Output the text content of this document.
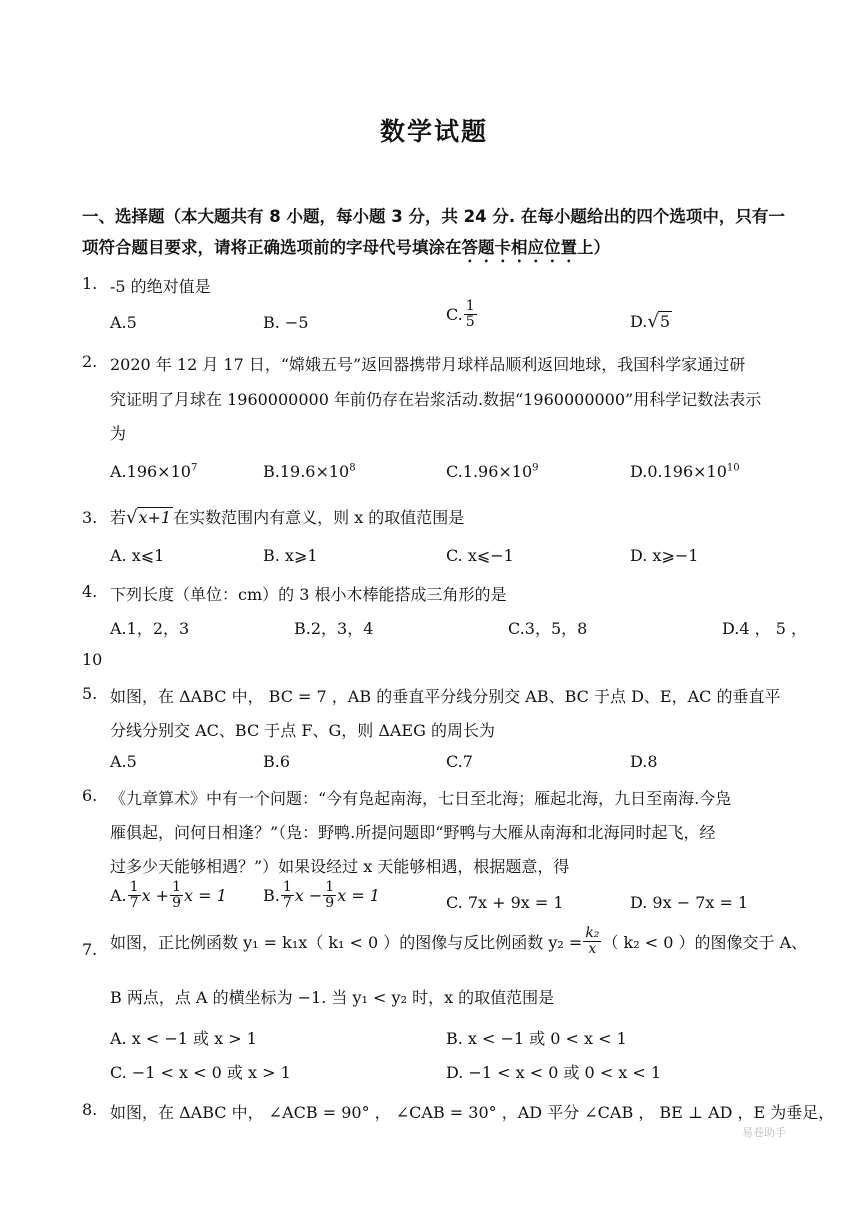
数学试题
一、选择题（本大题共有 8 小题，每小题 3 分，共 24 分. 在每小题给出的四个选项中，只有一
项符合题目要求，请将正确选项前的字母代号填涂在答题卡相应位置上）
1. -5 的绝对值是
A.5	B. −5	C. $\frac{1}{5}$	D.√5
2. 2020 年 12 月 17 日，“嫦娥五号”返回器携带月球样品顺利返回地球，我国科学家通过研
究证明了月球在 1960000000 年前仍存在岩浆活动.数据“1960000000”用科学记数法表示
为
$A.196\times 10^7$	$B.19.6\times 10^8$	$C.1.96\times 10^9$	$D.0.196\times 10^{10}$
3. 若√x+1 在实数范围内有意义，则 x 的取值范围是
A. x⩽1	B. x⩾1	C. x⩽−1	D. x⩾−1
4. 下列长度（单位：cm）的 3 根小木棒能搭成三角形的是
A.1，2，3	B.2，3，4	C.3，5，8	D.4 ， 5 ，
10
5. 如图，在 ΔABC 中， BC = 7 ，AB 的垂直平分线分别交 AB、BC 于点 D、E，AC 的垂直平
分线分别交 AC、BC 于点 F、G，则 ΔAEG 的周长为
A.5	B.6	C.7	D.8
6. 《九章算术》中有一个问题：“今有凫起南海，七日至北海；雁起北海，九日至南海.今凫
雁俱起，问何日相逢？”（凫：野鸭.所提问题即“野鸭与大雁从南海和北海同时起飞，经
过多少天能够相遇？”）如果设经过 x 天能够相遇，根据题意，得
A. $\frac{1}{7}$ $x + \frac{1}{9}$ x = 1 B. $\frac{1}{7}$ $x - \frac{1}{9}$ x = 1	C. 7x + 9x = 1	D. 9x − 7x = 1
7. 如图，正比例函数 y₁ = k₁x（ k₁ < 0 ）的图像与反比例函数 $y_2 = \frac{\text{k₂}}{x}$ （ k₂ < 0 ）的图像交于 A、
B 两点，点 A 的横坐标为 −1. 当 y₁ < y₂ 时，x 的取值范围是
A. x < −1 或 x > 1	B. x < −1 或 0 < x < 1
C. −1 < x < 0 或 x > 1	D. −1 < x < 0 或 0 < x < 1
8. 如图，在 ΔABC 中， ∠ACB = 90° ， ∠CAB = 30° ，AD 平分 ∠CAB ， BE ⊥ AD ，E 为垂足，
易卷助手
